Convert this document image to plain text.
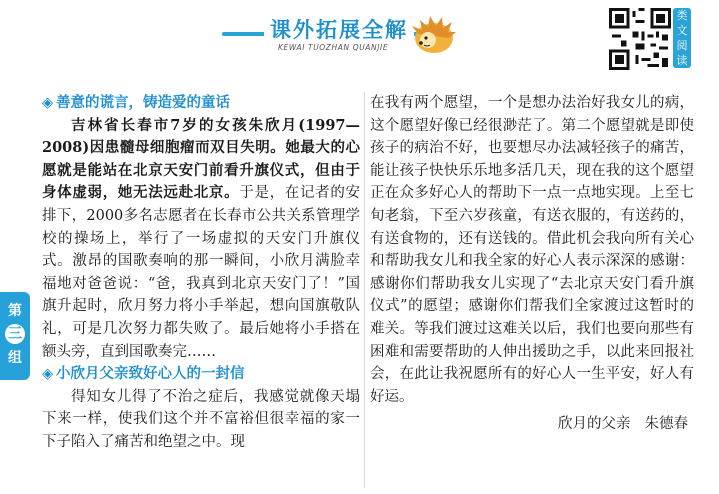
课外拓展全解
KEWAI TUOZHAN QUANJIE
类文阅读
第
三
组

◈ 善意的谎言，铸造爱的童话

吉林省长春市7岁的女孩朱欣月(1997—2008)因患髓母细胞瘤而双目失明。她最大的心愿就是能站在北京天安门前看升旗仪式，但由于身体虚弱，她无法远赴北京。于是，在记者的安排下，2000多名志愿者在长春市公共关系管理学校的操场上，举行了一场虚拟的天安门升旗仪式。激昂的国歌奏响的那一瞬间，小欣月满脸幸福地对爸爸说：“爸，我真到北京天安门了！”国旗升起时，欣月努力将小手举起，想向国旗敬队礼，可是几次努力都失败了。最后她将小手搭在额头旁，直到国歌奏完……

◈ 小欣月父亲致好心人的一封信

得知女儿得了不治之症后，我感觉就像天塌下来一样，使我们这个并不富裕但很幸福的家一下子陷入了痛苦和绝望之中。现

在我有两个愿望，一个是想办法治好我女儿的病，这个愿望好像已经很渺茫了。第二个愿望就是即使孩子的病治不好，也要想尽办法减轻孩子的痛苦，能让孩子快快乐乐地多活几天，现在我的这个愿望正在众多好心人的帮助下一点一点地实现。上至七旬老翁，下至六岁孩童，有送衣服的，有送药的，有送食物的，还有送钱的。借此机会我向所有关心和帮助我女儿和我全家的好心人表示深深的感谢：感谢你们帮助我女儿实现了“去北京天安门看升旗仪式”的愿望；感谢你们帮我们全家渡过这暂时的难关。等我们渡过这难关以后，我们也要向那些有困难和需要帮助的人伸出援助之手，以此来回报社会，在此让我祝愿所有的好心人一生平安，好人有好运。

欣月的父亲 朱德春
